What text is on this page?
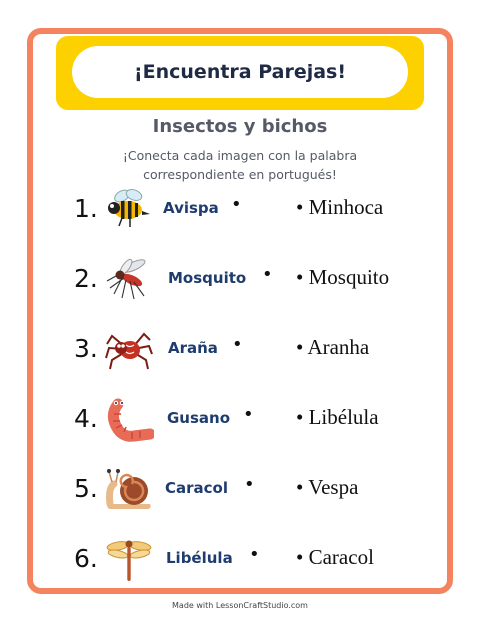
¡Encuentra Parejas!
Insectos y bichos
¡Conecta cada imagen con la palabra correspondiente en portugués!
1.	Avispa •	• Minhoca
2.	Mosquito • • Mosquito
3.	Araña •	• Aranha
4.	Gusano • • Libélula
5.	Caracol • • Vespa
6.	Libélula • • Caracol
Made with LessonCraftStudio.com
